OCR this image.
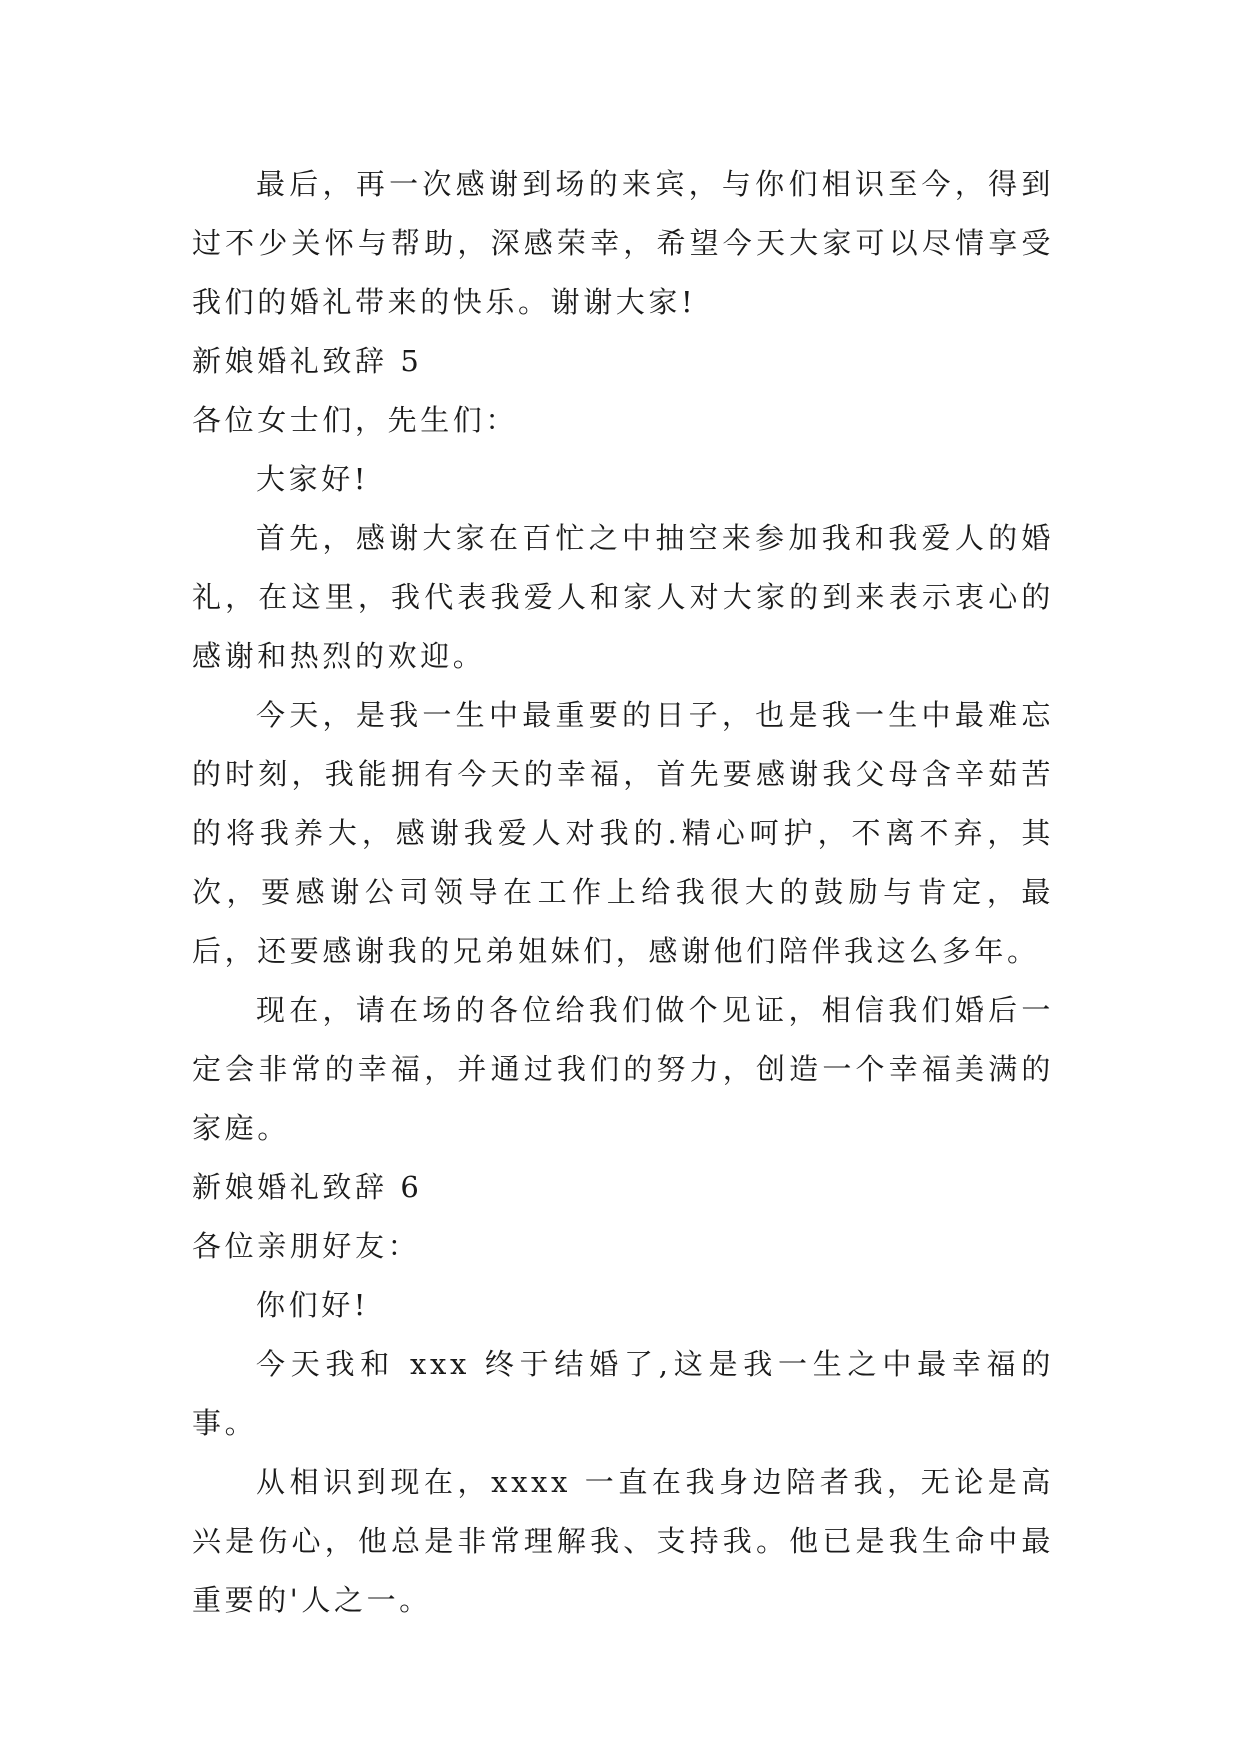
最后，再一次感谢到场的来宾，与你们相识至今，得到过不少关怀与帮助，深感荣幸，希望今天大家可以尽情享受我们的婚礼带来的快乐。谢谢大家!

新娘婚礼致辞 5

各位女士们，先生们：

大家好!

首先，感谢大家在百忙之中抽空来参加我和我爱人的婚礼，在这里，我代表我爱人和家人对大家的到来表示衷心的感谢和热烈的欢迎。

今天，是我一生中最重要的日子，也是我一生中最难忘的时刻，我能拥有今天的幸福，首先要感谢我父母含辛茹苦的将我养大，感谢我爱人对我的.精心呵护，不离不弃，其次，要感谢公司领导在工作上给我很大的鼓励与肯定，最后，还要感谢我的兄弟姐妹们，感谢他们陪伴我这么多年。

现在，请在场的各位给我们做个见证，相信我们婚后一定会非常的幸福，并通过我们的努力，创造一个幸福美满的家庭。

新娘婚礼致辞 6

各位亲朋好友：

你们好!

今天我和 xxx 终于结婚了,这是我一生之中最幸福的事。

从相识到现在，xxxx 一直在我身边陪者我，无论是高兴是伤心，他总是非常理解我、支持我。他已是我生命中最重要的'人之一。
